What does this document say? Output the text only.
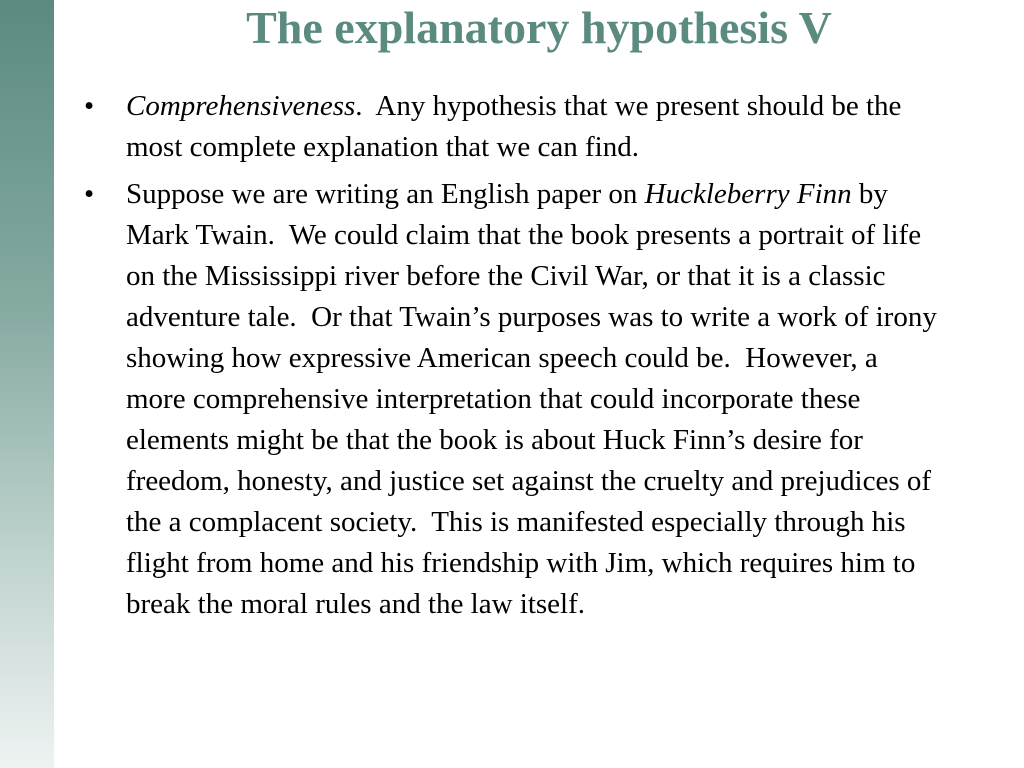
The explanatory hypothesis V
•	Comprehensiveness.  Any hypothesis that we present should be the most complete explanation that we can find.
•	Suppose we are writing an English paper on Huckleberry Finn by Mark Twain.  We could claim that the book presents a portrait of life on the Mississippi river before the Civil War, or that it is a classic adventure tale.  Or that Twain’s purposes was to write a work of irony showing how expressive American speech could be.  However, a more comprehensive interpretation that could incorporate these elements might be that the book is about Huck Finn’s desire for freedom, honesty, and justice set against the cruelty and prejudices of the a complacent society.  This is manifested especially through his flight from home and his friendship with Jim, which requires him to break the moral rules and the law itself.
